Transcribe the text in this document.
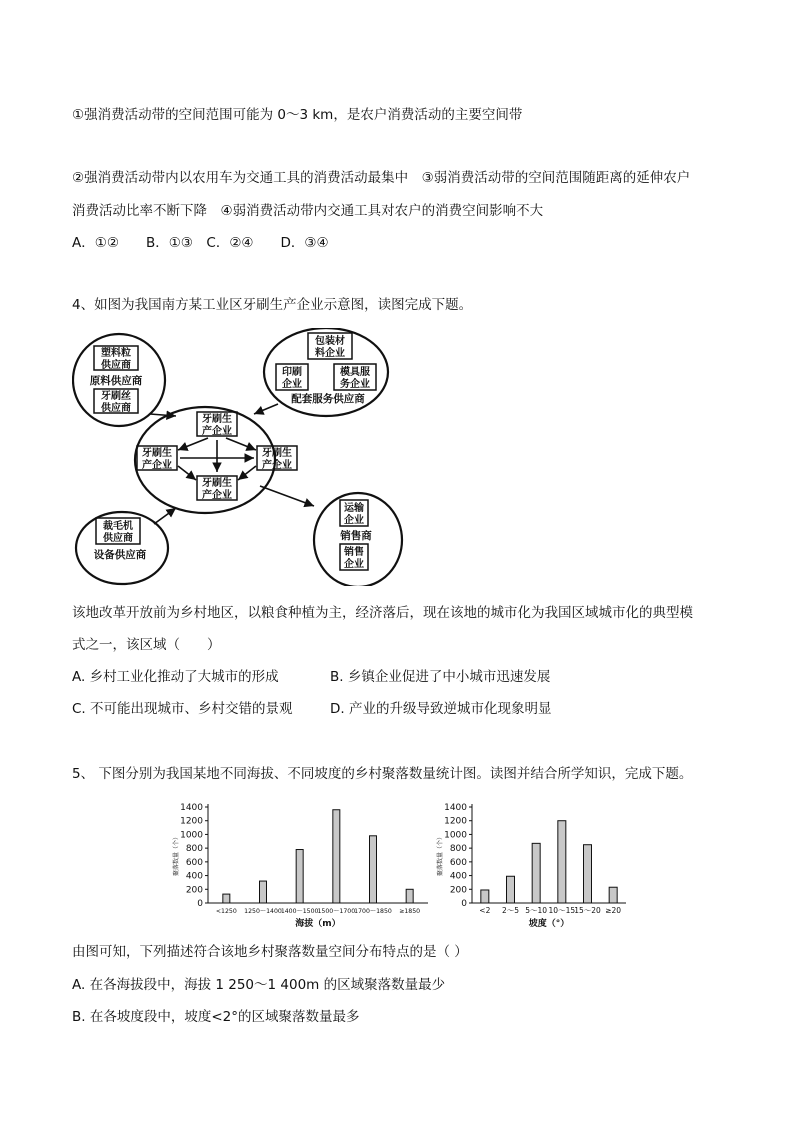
①强消费活动带的空间范围可能为 0～3 km，是农户消费活动的主要空间带
②强消费活动带内以农用车为交通工具的消费活动最集中　③弱消费活动带的空间范围随距离的延伸农户
消费活动比率不断下降　④弱消费活动带内交通工具对农户的消费空间影响不大
A．①②　　B．①③　C．②④　　D．③④
4、如图为我国南方某工业区牙刷生产企业示意图，读图完成下题。
塑料粒
供应商
原料供应商
牙刷丝
供应商
包装材
料企业
印刷
企业
模具服
务企业
配套服务供应商
牙刷生
产企业
牙刷生
产企业
牙刷生
产企业
牙刷生
产企业
裁毛机
供应商
设备供应商
运输
企业
销售商
销售
企业
该地改革开放前为乡村地区，以粮食种植为主，经济落后，现在该地的城市化为我国区域城市化的典型模
式之一，该区域（　　）
A. 乡村工业化推动了大城市的形成	B. 乡镇企业促进了中小城市迅速发展
C. 不可能出现城市、乡村交错的景观	D. 产业的升级导致逆城市化现象明显
5、 下图分别为我国某地不同海拔、不同坡度的乡村聚落数量统计图。读图并结合所学知识，完成下题。
0
200
400
600
800
1000
1200
1400
聚落数量（个）
<1250 1250～1400
1400～1500
1500～1700
1700～1850 ≥1850
海拔（m）
0
200
400
600
800
1000
1200
1400
聚落数量（个）
<2 2～5 5～10 10～15 15～20 ≥20
坡度（°）
由图可知，下列描述符合该地乡村聚落数量空间分布特点的是（ ）
A. 在各海拔段中，海拔 1 250～1 400m 的区域聚落数量最少
B. 在各坡度段中，坡度<2°的区域聚落数量最多
